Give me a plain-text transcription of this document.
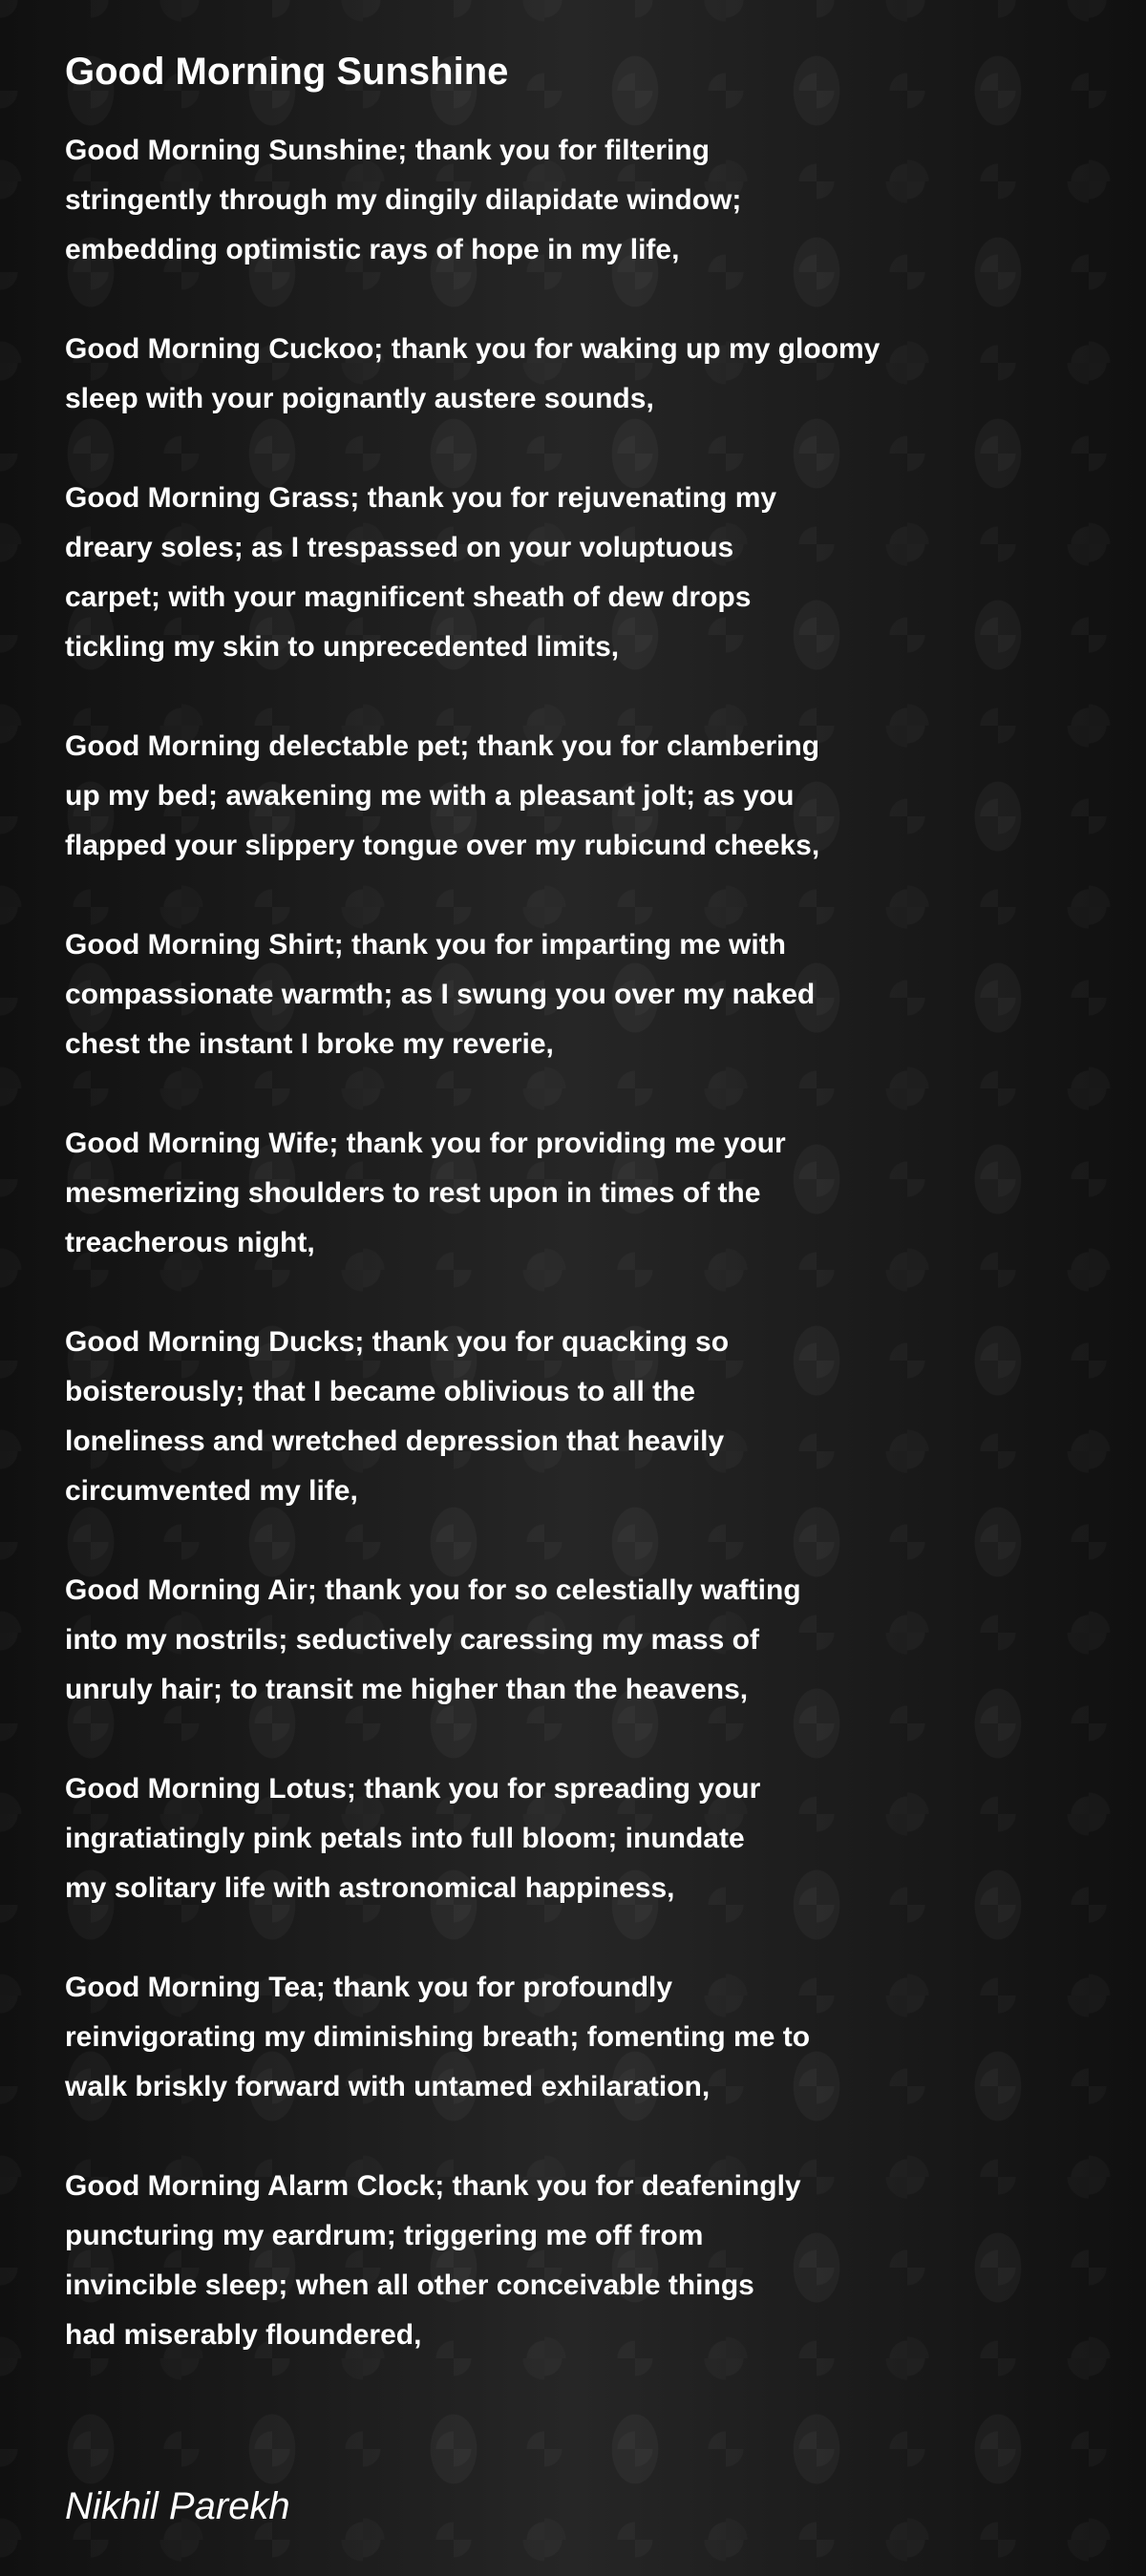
Good Morning Sunshine
Good Morning Sunshine; thank you for filtering
stringently through my dingily dilapidate window;
embedding optimistic rays of hope in my life,
Good Morning Cuckoo; thank you for waking up my gloomy
sleep with your poignantly austere sounds,
Good Morning Grass; thank you for rejuvenating my
dreary soles; as I trespassed on your voluptuous
carpet; with your magnificent sheath of dew drops
tickling my skin to unprecedented limits,
Good Morning delectable pet; thank you for clambering
up my bed; awakening me with a pleasant jolt; as you
flapped your slippery tongue over my rubicund cheeks,
Good Morning Shirt; thank you for imparting me with
compassionate warmth; as I swung you over my naked
chest the instant I broke my reverie,
Good Morning Wife; thank you for providing me your
mesmerizing shoulders to rest upon in times of the
treacherous night,
Good Morning Ducks; thank you for quacking so
boisterously; that I became oblivious to all the
loneliness and wretched depression that heavily
circumvented my life,
Good Morning Air; thank you for so celestially wafting
into my nostrils; seductively caressing my mass of
unruly hair; to transit me higher than the heavens,
Good Morning Lotus; thank you for spreading your
ingratiatingly pink petals into full bloom; inundate
my solitary life with astronomical happiness,
Good Morning Tea; thank you for profoundly
reinvigorating my diminishing breath; fomenting me to
walk briskly forward with untamed exhilaration,
Good Morning Alarm Clock; thank you for deafeningly
puncturing my eardrum; triggering me off from
invincible sleep; when all other conceivable things
had miserably floundered,
Nikhil Parekh
